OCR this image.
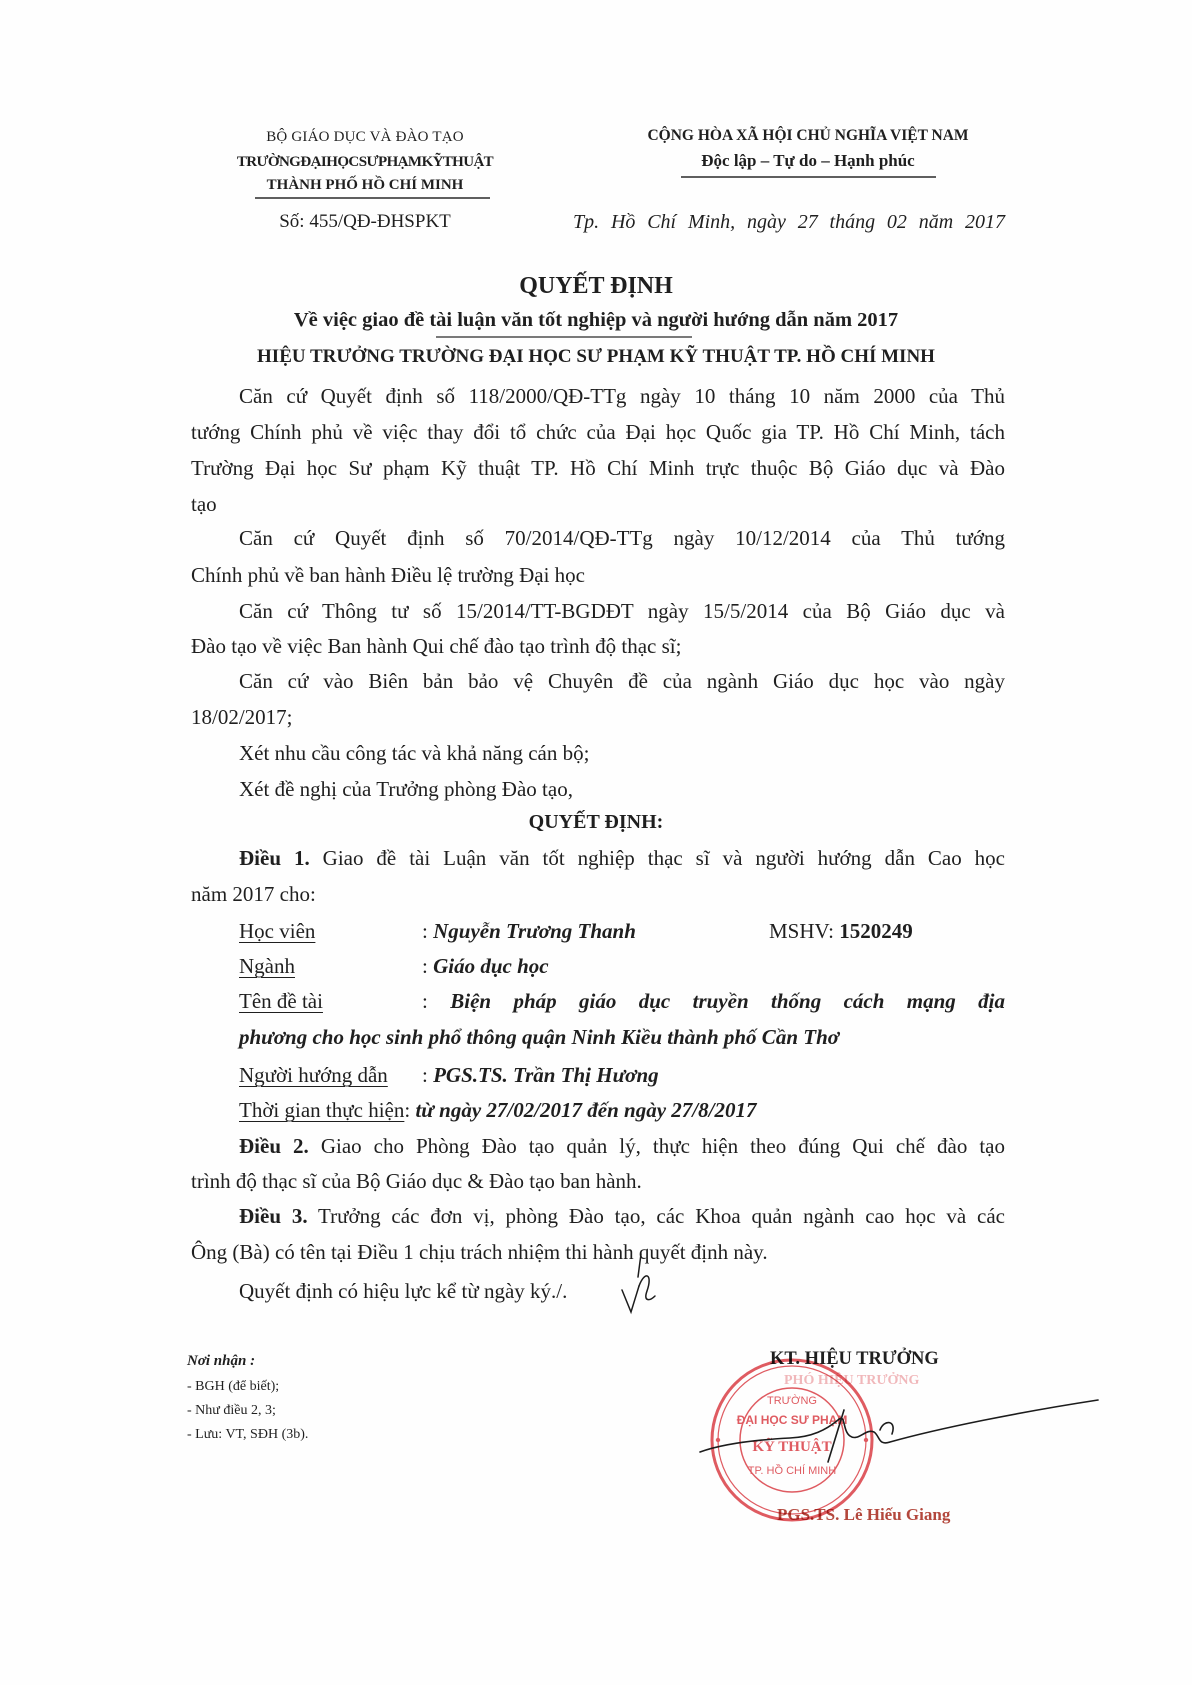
BỘ GIÁO DỤC VÀ ĐÀO TẠO
TRƯỜNG ĐẠI HỌC SƯ PHẠM KỸ THUẬT
THÀNH PHỐ HỒ CHÍ MINH
Số: 455/QĐ-ĐHSPKT
CỘNG HÒA XÃ HỘI CHỦ NGHĨA VIỆT NAM
Độc lập – Tự do – Hạnh phúc
Tp. Hồ Chí Minh, ngày 27 tháng 02 năm 2017
QUYẾT ĐỊNH
Về việc giao đề tài luận văn tốt nghiệp và người hướng dẫn năm 2017
HIỆU TRƯỞNG TRƯỜNG ĐẠI HỌC SƯ PHẠM KỸ THUẬT TP. HỒ CHÍ MINH
Căn cứ Quyết định số 118/2000/QĐ-TTg ngày 10 tháng 10 năm 2000 của Thủ
tướng Chính phủ về việc thay đổi tổ chức của Đại học Quốc gia TP. Hồ Chí Minh, tách
Trường Đại học Sư phạm Kỹ thuật TP. Hồ Chí Minh trực thuộc Bộ Giáo dục và Đào
tạo
Căn cứ Quyết định số 70/2014/QĐ-TTg ngày 10/12/2014 của Thủ tướng
Chính phủ về ban hành Điều lệ trường Đại học
Căn cứ Thông tư số 15/2014/TT-BGDĐT ngày 15/5/2014 của Bộ Giáo dục và
Đào tạo về việc Ban hành Qui chế đào tạo trình độ thạc sĩ;
Căn cứ vào Biên bản bảo vệ Chuyên đề của ngành Giáo dục học vào ngày
18/02/2017;
Xét nhu cầu công tác và khả năng cán bộ;
Xét đề nghị của Trưởng phòng Đào tạo,
QUYẾT ĐỊNH:
Điều 1. Giao đề tài Luận văn tốt nghiệp thạc sĩ và người hướng dẫn Cao học
năm 2017 cho:
Học viên	: Nguyễn Trương Thanh	MSHV: 1520249
Ngành	: Giáo dục học
Tên đề tài	: Biện pháp giáo dục truyền thống cách mạng địa
phương cho học sinh phổ thông quận Ninh Kiều thành phố Cần Thơ
Người hướng dẫn : PGS.TS. Trần Thị Hương
Thời gian thực hiện: từ ngày 27/02/2017 đến ngày 27/8/2017
Điều 2. Giao cho Phòng Đào tạo quản lý, thực hiện theo đúng Qui chế đào tạo
trình độ thạc sĩ của Bộ Giáo dục & Đào tạo ban hành.
Điều 3. Trưởng các đơn vị, phòng Đào tạo, các Khoa quản ngành cao học và các
Ông (Bà) có tên tại Điều 1 chịu trách nhiệm thi hành quyết định này.
Quyết định có hiệu lực kể từ ngày ký./.
Nơi nhận :
- BGH (để biết);
- Như điều 2, 3;
- Lưu: VT, SĐH (3b).
KT. HIỆU TRƯỞNG
PHÓ HIỆU TRƯỞNG
PGS.TS. Lê Hiếu Giang
TRƯỜNG
ĐẠI HỌC SƯ PHẠM
KỸ THUẬT
TP. HỒ CHÍ MINH
